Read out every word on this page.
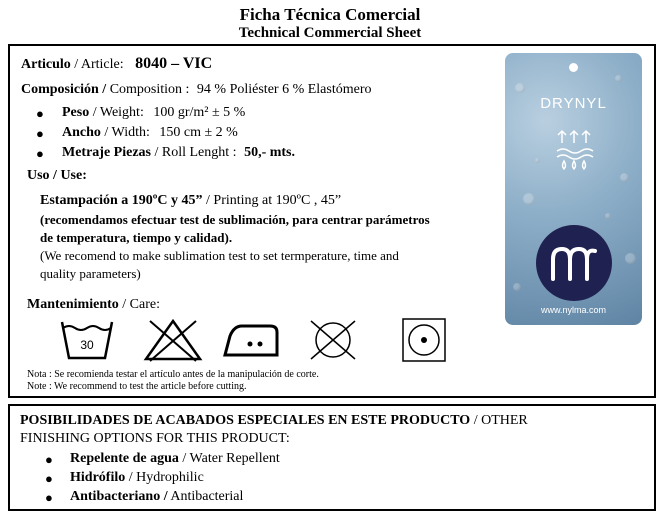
Ficha Técnica Comercial
Technical Commercial Sheet
Articulo / Article: 8040 – VIC
Composición / Composition : 94 % Poliéster 6 % Elastómero
● Peso / Weight: 100 gr/m² ± 5 %
● Ancho / Width: 150 cm ± 2 %
● Metraje Piezas / Roll Lenght : 50,- mts.
Uso / Use:
Estampación a 190ºC y 45” / Printing at 190ºC , 45”
(recomendamos efectuar test de sublimación, para centrar parámetros
de temperatura, tiempo y calidad).
(We recomend to make sublimation test to set termperature, time and
quality parameters)
Mantenimiento / Care:
30
Nota : Se recomienda testar el artículo antes de la manipulación de corte.
Note : We recommend to test the article before cutting.
DRYNYL
www.nylma.com
POSIBILIDADES DE ACABADOS ESPECIALES EN ESTE PRODUCTO / OTHER
FINISHING OPTIONS FOR THIS PRODUCT:
● Repelente de agua / Water Repellent
● Hidrófilo / Hydrophilic
● Antibacteriano / Antibacterial
